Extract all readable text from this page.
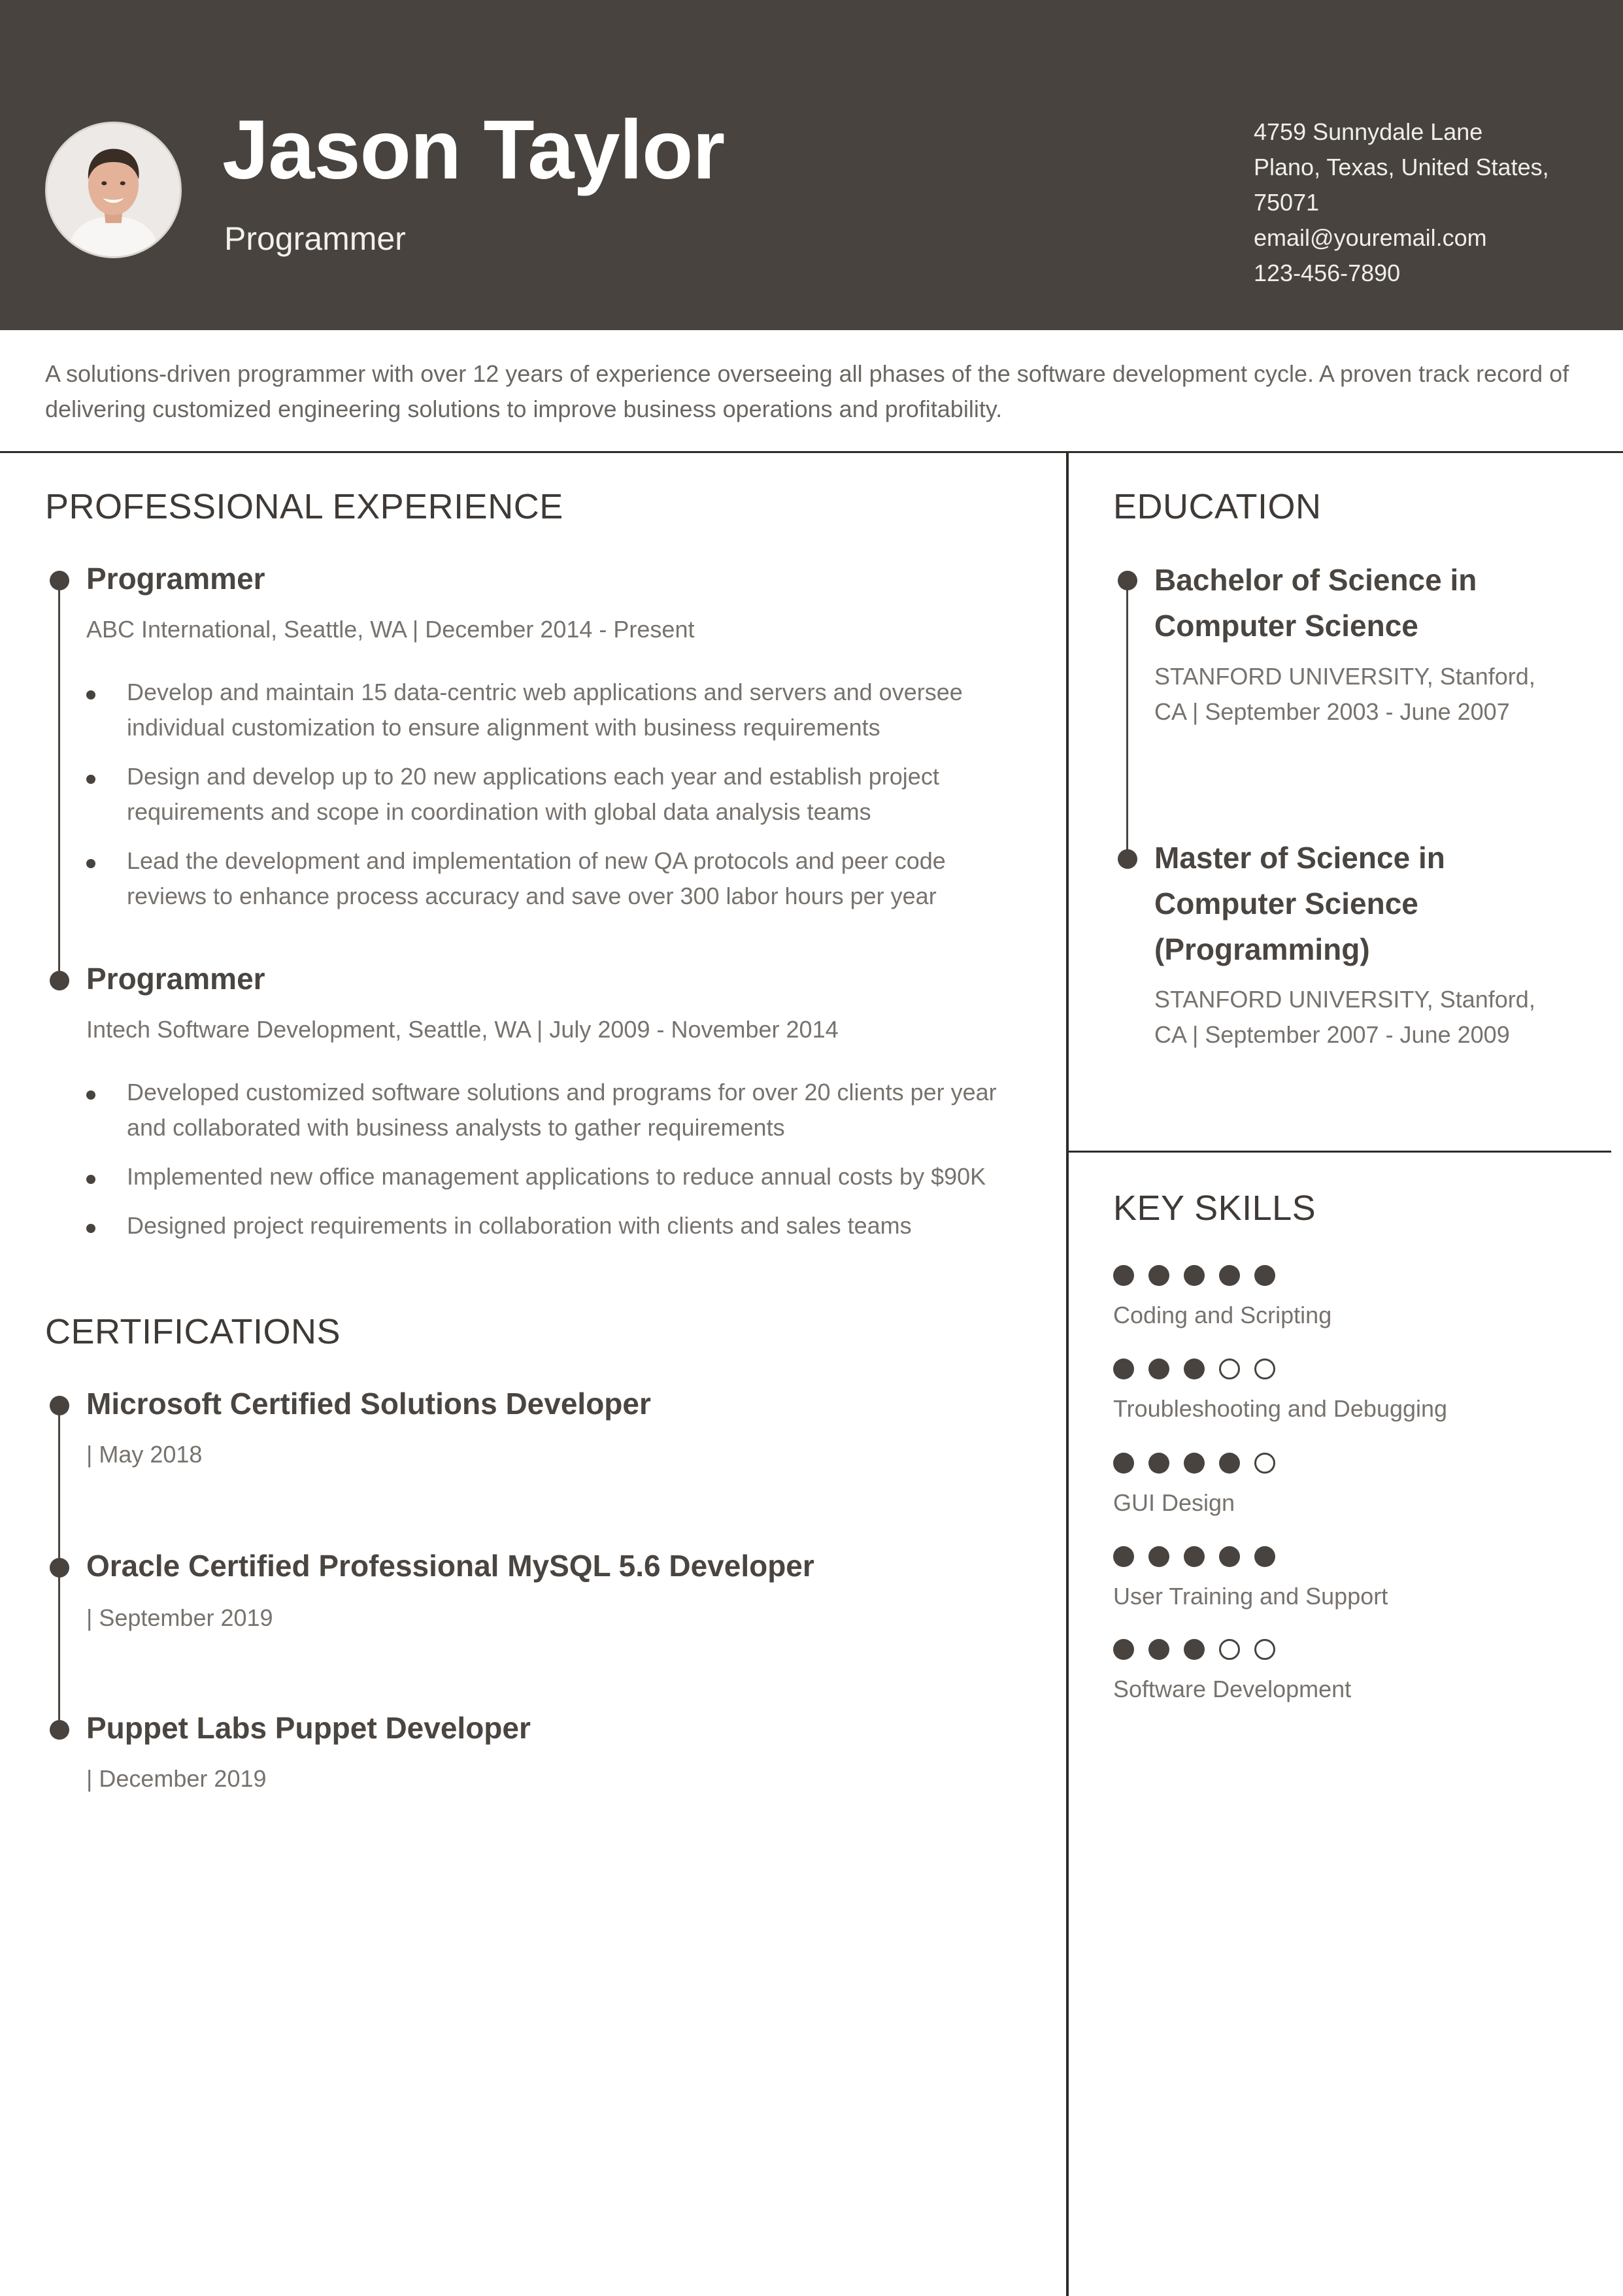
Jason Taylor
Programmer
4759 Sunnydale Lane
Plano, Texas, United States,
75071
email@youremail.com
123-456-7890
A solutions-driven programmer with over 12 years of experience overseeing all phases of the software development cycle. A proven track record of delivering customized engineering solutions to improve business operations and profitability.
PROFESSIONAL EXPERIENCE
Programmer
ABC International, Seattle, WA | December 2014 - Present
Develop and maintain 15 data-centric web applications and servers and oversee individual customization to ensure alignment with business requirements
Design and develop up to 20 new applications each year and establish project requirements and scope in coordination with global data analysis teams
Lead the development and implementation of new QA protocols and peer code reviews to enhance process accuracy and save over 300 labor hours per year
Programmer
Intech Software Development, Seattle, WA | July 2009 - November 2014
Developed customized software solutions and programs for over 20 clients per year and collaborated with business analysts to gather requirements
Implemented new office management applications to reduce annual costs by $90K
Designed project requirements in collaboration with clients and sales teams
CERTIFICATIONS
Microsoft Certified Solutions Developer
| May 2018
Oracle Certified Professional MySQL 5.6 Developer
| September 2019
Puppet Labs Puppet Developer
| December 2019
EDUCATION
Bachelor of Science in Computer Science
STANFORD UNIVERSITY, Stanford, CA | September 2003 - June 2007
Master of Science in Computer Science (Programming)
STANFORD UNIVERSITY, Stanford, CA | September 2007 - June 2009
KEY SKILLS
Coding and Scripting
Troubleshooting and Debugging
GUI Design
User Training and Support
Software Development
